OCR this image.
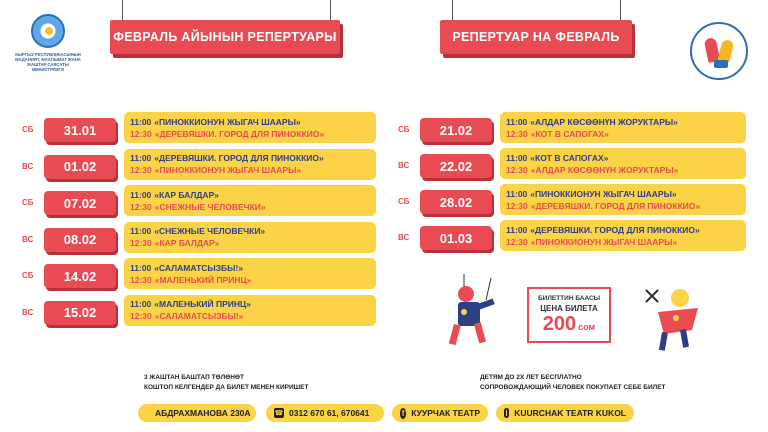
ФЕВРАЛЬ АЙЫНЫН РЕПЕРТУАРЫ	РЕПЕРТУАР НА ФЕВРАЛЬ
КЫРГЫЗ РЕСПУБЛИКАСЫНЫН МАДАНИЯТ, МААЛЫМАТ ЖАНА ЖАШТАР САЯСАТЫ МИНИСТРЛИГИ
СБ	31.01
11:00 «ПИНОККИОНУН ЖЫГАЧ ШААРЫ»
12:30 «ДЕРЕВЯШКИ. ГОРОД ДЛЯ ПИНОККИО»
ВС	01.02
11:00 «ДЕРЕВЯШКИ. ГОРОД ДЛЯ ПИНОККИО»
12:30 «ПИНОККИОНУН ЖЫГАЧ ШААРЫ»
СБ	07.02
11:00 «КАР БАЛДАР»
12:30 «СНЕЖНЫЕ ЧЕЛОВЕЧКИ»
ВС	08.02
11:00 «СНЕЖНЫЕ ЧЕЛОВЕЧКИ»
12:30 «КАР БАЛДАР»
СБ	14.02
11:00 «САЛАМАТСЫЗБЫ!»
12:30 «МАЛЕНЬКИЙ ПРИНЦ»
ВС	15.02
11:00 «МАЛЕНЬКИЙ ПРИНЦ»
12:30 «САЛАМАТСЫЗБЫ!»
СБ	21.02
11:00 «АЛДАР КӨСӨӨНҮН ЖОРУКТАРЫ»
12:30 «КОТ В САПОГАХ»
ВС	22.02
11:00 «КОТ В САПОГАХ»
12:30 «АЛДАР КӨСӨӨНҮН ЖОРУКТАРЫ»
СБ	28.02
11:00 «ПИНОККИОНУН ЖЫГАЧ ШААРЫ»
12:30 «ДЕРЕВЯШКИ. ГОРОД ДЛЯ ПИНОККИО»
ВС	01.03
11:00 «ДЕРЕВЯШКИ. ГОРОД ДЛЯ ПИНОККИО»
12:30 «ПИНОККИОНУН ЖЫГАЧ ШААРЫ»
БИЛЕТТИН БААСЫ
ЦЕНА БИЛЕТА
200 сом
3 ЖАШТАН БАШТАП ТӨЛӨНӨТ
КОШТОП КЕЛГЕНДЕР ДА БИЛЕТ МЕНЕН КИРИШЕТ
ДЕТЯМ ДО 2Х ЛЕТ БЕСПЛАТНО
СОПРОВОЖДАЮЩИЙ ЧЕЛОВЕК ПОКУПАЕТ СЕБЕ БИЛЕТ
АБДРАХМАНОВА 230А	☎ 0312 670 61, 670641	f КУУРЧАК ТЕАТР	KUURCHAK TEATR KUKOL
